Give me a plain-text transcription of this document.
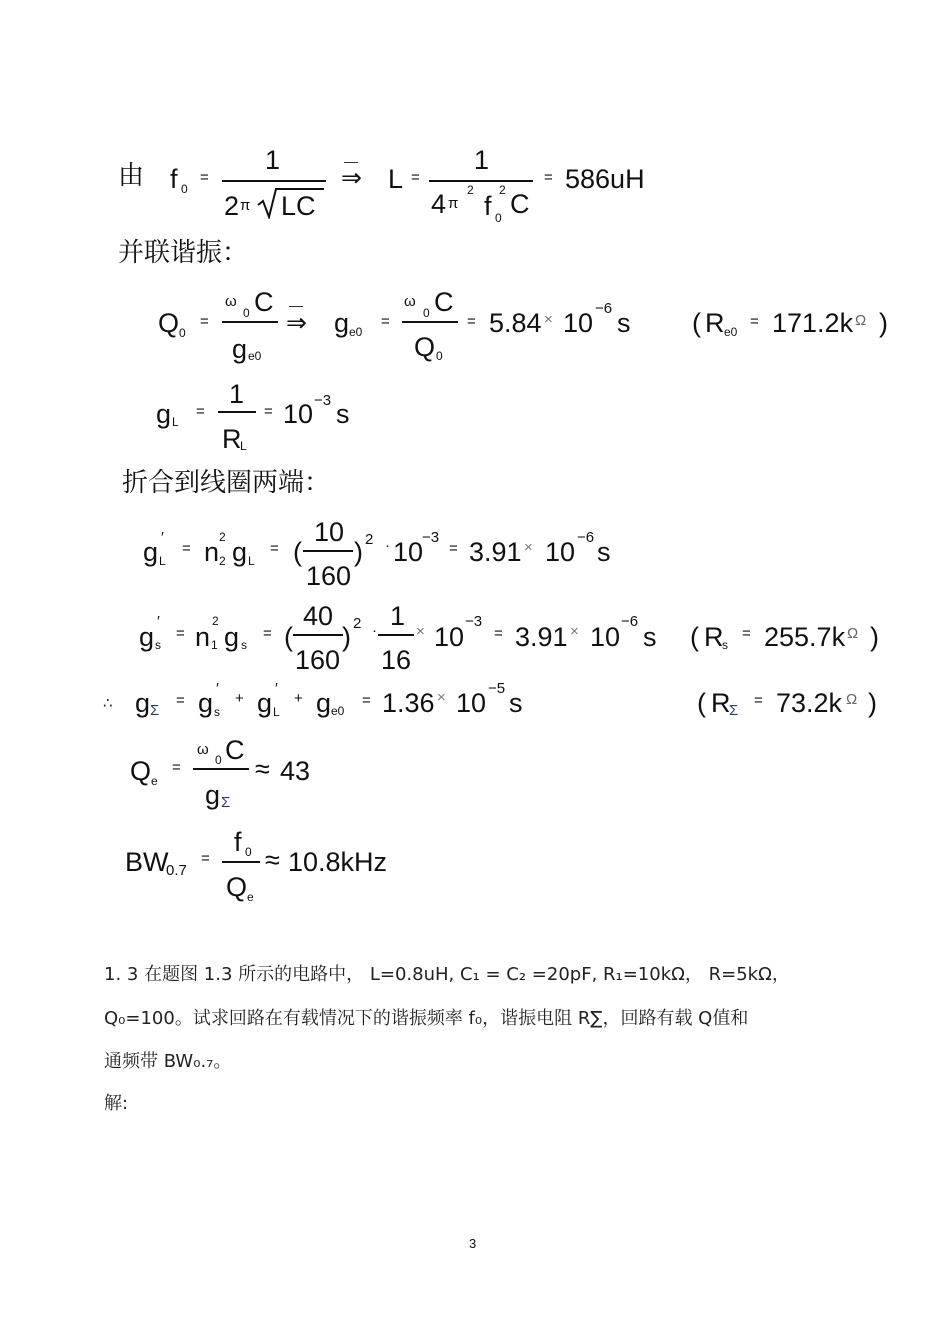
由 f 0
=
1
2 π LC
⇒ L =
1
4 π
2
f
2
0 C
= 586uH
并联谐振：
Q 0
=
ω
0 C
g e0
⇒ g e0
=
ω
0 C
Q 0
= 5.84 × 10 −6 s ( R e0
= 171.2k Ω )
g L
=
1
R
L
= 10 −3 s
折合到线圈两端：
g ′
L
= n 2
2 g L
= (
10
160
) 2 · 10
−3
= 3.91 × 10 −6 s
g
′
s
= n
2
1 g s
= (
40
160
) 2 · 1
16
× 10
−3
= 3.91 × 10
−6
s ( R
s
= 255.7k Ω )
∴ g Σ
= g ′
s
+ g ′
L
+ g e0
= 1.36 × 10 −5 s	( R
Σ
= 73.2k Ω )
Q e
=
ω
0 C
g Σ
≈ 43
BW
0.7
=
f 0
Q e
≈ 10.8kHz
1. 3 在题图 1.3 所示的电路中， L=0.8uH, C₁ = C₂ =20pF, R₁=10kΩ， R=5kΩ，
Q₀=100。试求回路在有载情况下的谐振频率 f₀，谐振电阻 R∑，回路有载 Q值和
通频带 BW₀.₇。
解:
3
